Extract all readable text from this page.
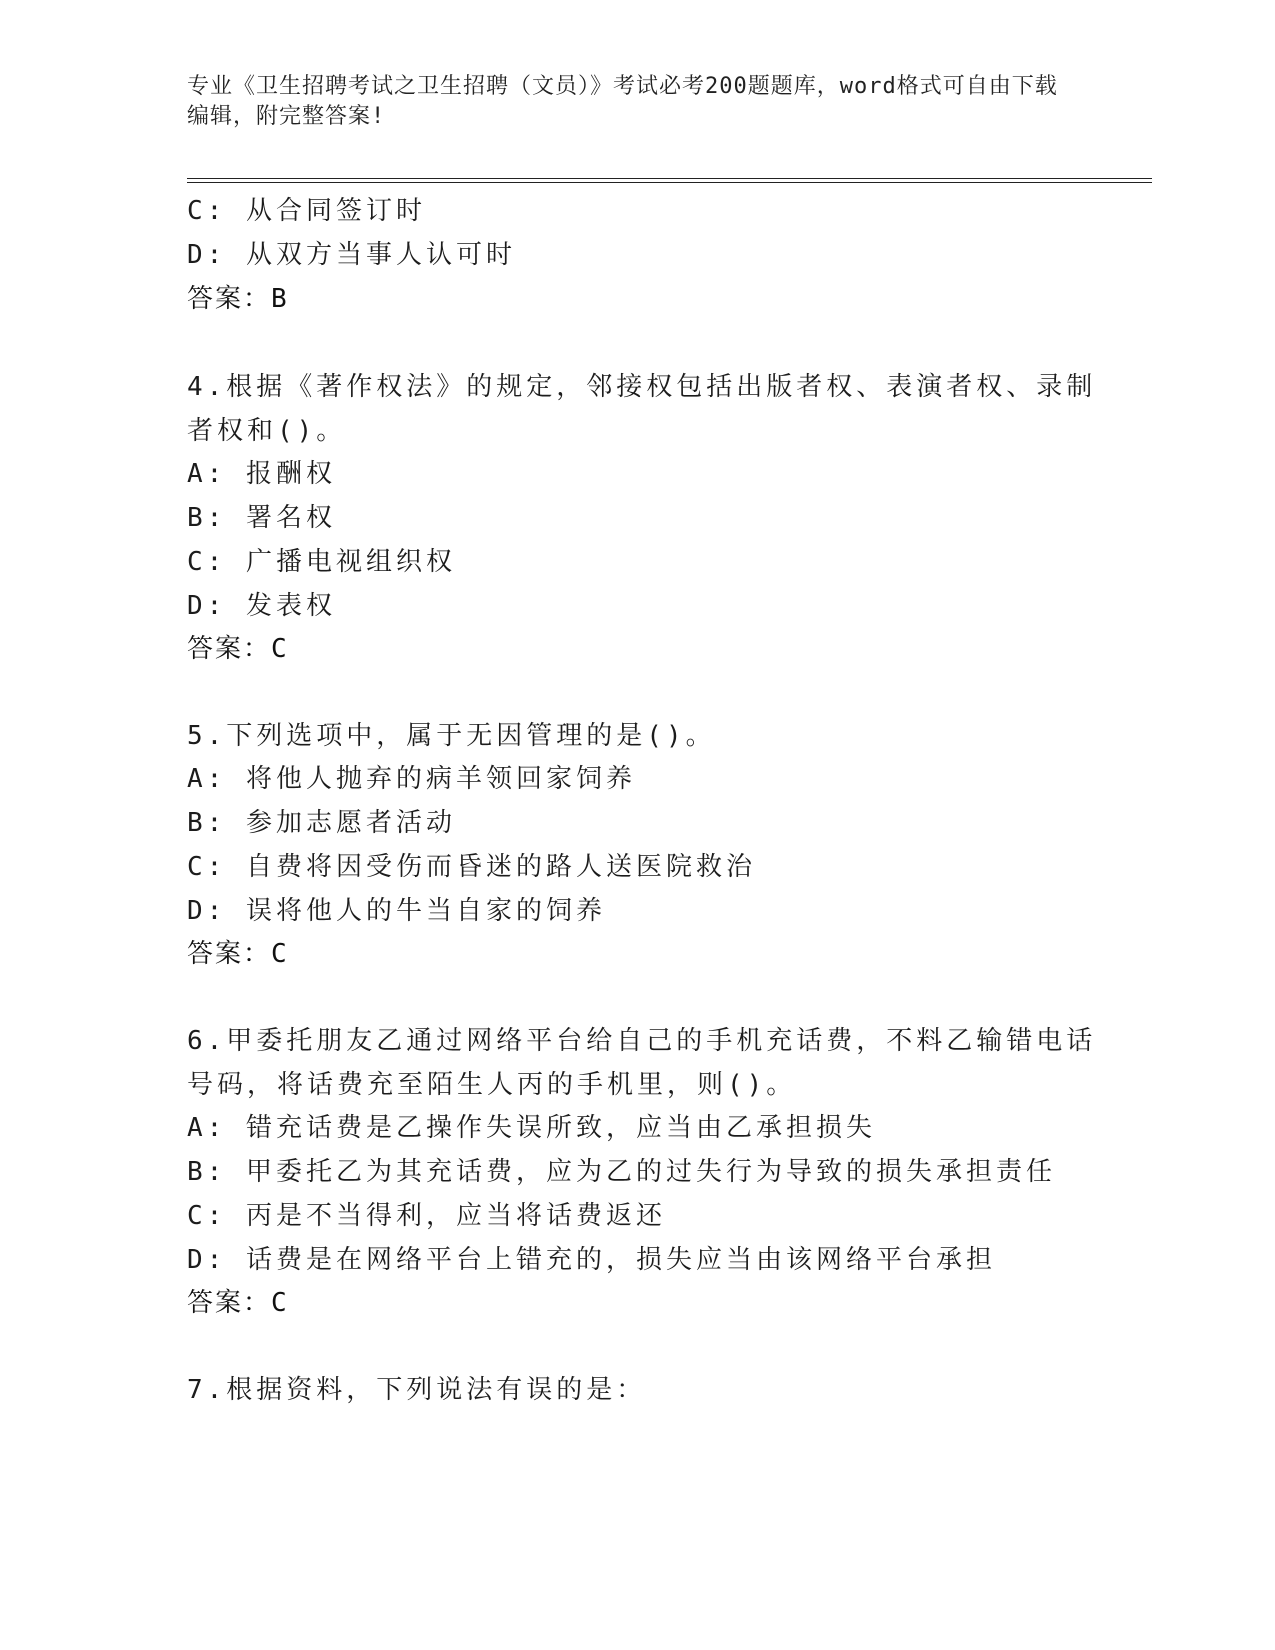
专业《卫生招聘考试之卫生招聘（文员）》考试必考200题题库，word格式可自由下载编辑，附完整答案!
C: 从合同签订时
D: 从双方当事人认可时
答案：B
4.根据《著作权法》的规定，邻接权包括出版者权、表演者权、录制
者权和()。
A: 报酬权
B: 署名权
C: 广播电视组织权
D: 发表权
答案：C
5.下列选项中，属于无因管理的是()。
A: 将他人抛弃的病羊领回家饲养
B: 参加志愿者活动
C: 自费将因受伤而昏迷的路人送医院救治
D: 误将他人的牛当自家的饲养
答案：C
6.甲委托朋友乙通过网络平台给自己的手机充话费，不料乙输错电话
号码，将话费充至陌生人丙的手机里，则()。
A: 错充话费是乙操作失误所致，应当由乙承担损失
B: 甲委托乙为其充话费，应为乙的过失行为导致的损失承担责任
C: 丙是不当得利，应当将话费返还
D: 话费是在网络平台上错充的，损失应当由该网络平台承担
答案：C
7.根据资料，下列说法有误的是：
